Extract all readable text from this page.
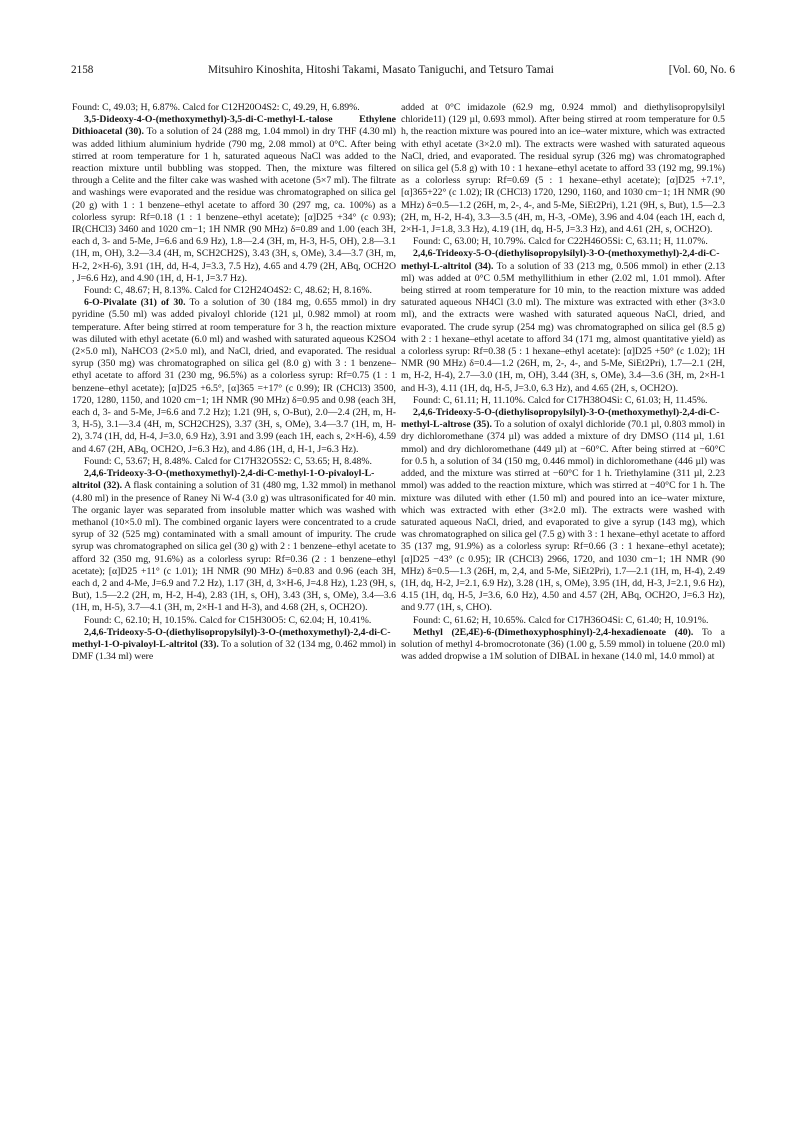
2158	Mitsuhiro Kinoshita, Hitoshi Takami, Masato Taniguchi, and Tetsuro Tamai	[Vol. 60, No. 6

Found: C, 49.03; H, 6.87%. Calcd for C12H20O4S2: C, 49.29, H, 6.89%.

3,5-Dideoxy-4-O-(methoxymethyl)-3,5-di-C-methyl-L-talose Ethylene Dithioacetal (30). To a solution of 24 (288 mg, 1.04 mmol) in dry THF (4.30 ml) was added lithium aluminium hydride (790 mg, 2.08 mmol) at 0°C. After being stirred at room temperature for 1 h, saturated aqueous NaCl was added to the reaction mixture until bubbling was stopped. Then, the mixture was filtered through a Celite and the filter cake was washed with acetone (5×7 ml). The filtrate and washings were evaporated and the residue was chromatographed on silica gel (20 g) with 1 : 1 benzene–ethyl acetate to afford 30 (297 mg, ca. 100%) as a colorless syrup: Rf=0.18 (1 : 1 benzene–ethyl acetate); [α]D25 +34° (c 0.93); IR(CHCl3) 3460 and 1020 cm−1; 1H NMR (90 MHz) δ=0.89 and 1.00 (each 3H, each d, 3- and 5-Me, J=6.6 and 6.9 Hz), 1.8—2.4 (3H, m, H-3, H-5, OH), 2.8—3.1 (1H, m, OH), 3.2—3.4 (4H, m, SCH2CH2S), 3.43 (3H, s, OMe), 3.4—3.7 (3H, m, H-2, 2×H-6), 3.91 (1H, dd, H-4, J=3.3, 7.5 Hz), 4.65 and 4.79 (2H, ABq, OCH2O , J=6.6 Hz), and 4.90 (1H, d, H-1, J=3.7 Hz).

Found: C, 48.67; H, 8.13%. Calcd for C12H24O4S2: C, 48.62; H, 8.16%.

6-O-Pivalate (31) of 30. To a solution of 30 (184 mg, 0.655 mmol) in dry pyridine (5.50 ml) was added pivaloyl chloride (121 µl, 0.982 mmol) at room temperature. After being stirred at room temperature for 3 h, the reaction mixture was diluted with ethyl acetate (6.0 ml) and washed with saturated aqueous K2SO4 (2×5.0 ml), NaHCO3 (2×5.0 ml), and NaCl, dried, and evaporated. The residual syrup (350 mg) was chromatographed on silica gel (8.0 g) with 3 : 1 benzene–ethyl acetate to afford 31 (230 mg, 96.5%) as a colorless syrup: Rf=0.75 (1 : 1 benzene–ethyl acetate); [α]D25 +6.5°, [α]365 =+17° (c 0.99); IR (CHCl3) 3500, 1720, 1280, 1150, and 1020 cm−1; 1H NMR (90 MHz) δ=0.95 and 0.98 (each 3H, each d, 3- and 5-Me, J=6.6 and 7.2 Hz); 1.21 (9H, s, O-But), 2.0—2.4 (2H, m, H-3, H-5), 3.1—3.4 (4H, m, SCH2CH2S), 3.37 (3H, s, OMe), 3.4—3.7 (1H, m, H-2), 3.74 (1H, dd, H-4, J=3.0, 6.9 Hz), 3.91 and 3.99 (each 1H, each s, 2×H-6), 4.59 and 4.67 (2H, ABq, OCH2O, J=6.3 Hz), and 4.86 (1H, d, H-1, J=6.3 Hz).

Found: C, 53.67; H, 8.48%. Calcd for C17H32O5S2: C, 53.65; H, 8.48%.

2,4,6-Trideoxy-3-O-(methoxymethyl)-2,4-di-C-methyl-1-O-pivaloyl-L-altritol (32). A flask containing a solution of 31 (480 mg, 1.32 mmol) in methanol (4.80 ml) in the presence of Raney Ni W-4 (3.0 g) was ultrasonificated for 40 min. The organic layer was separated from insoluble matter which was washed with methanol (10×5.0 ml). The combined organic layers were concentrated to a crude syrup of 32 (525 mg) contaminated with a small amount of impurity. The crude syrup was chromatographed on silica gel (30 g) with 2 : 1 benzene–ethyl acetate to afford 32 (350 mg, 91.6%) as a colorless syrup: Rf=0.36 (2 : 1 benzene–ethyl acetate); [α]D25 +11° (c 1.01); 1H NMR (90 MHz) δ=0.83 and 0.96 (each 3H, each d, 2 and 4-Me, J=6.9 and 7.2 Hz), 1.17 (3H, d, 3×H-6, J=4.8 Hz), 1.23 (9H, s, But), 1.5—2.2 (2H, m, H-2, H-4), 2.83 (1H, s, OH), 3.43 (3H, s, OMe), 3.4—3.6 (1H, m, H-5), 3.7—4.1 (3H, m, 2×H-1 and H-3), and 4.68 (2H, s, OCH2O).

Found: C, 62.10; H, 10.15%. Calcd for C15H30O5: C, 62.04; H, 10.41%.

2,4,6-Trideoxy-5-O-(diethylisopropylsilyl)-3-O-(methoxymethyl)-2,4-di-C-methyl-1-O-pivaloyl-L-altritol (33). To a solution of 32 (134 mg, 0.462 mmol) in DMF (1.34 ml) were

added at 0°C imidazole (62.9 mg, 0.924 mmol) and diethylisopropylsilyl chloride11) (129 µl, 0.693 mmol). After being stirred at room temperature for 0.5 h, the reaction mixture was poured into an ice–water mixture, which was extracted with ethyl acetate (3×2.0 ml). The extracts were washed with saturated aqueous NaCl, dried, and evaporated. The residual syrup (326 mg) was chromatographed on silica gel (5.8 g) with 10 : 1 hexane–ethyl acetate to afford 33 (192 mg, 99.1%) as a colorless syrup: Rf=0.69 (5 : 1 hexane–ethyl acetate); [α]D25 +7.1°, [α]365+22° (c 1.02); IR (CHCl3) 1720, 1290, 1160, and 1030 cm−1; 1H NMR (90 MHz) δ=0.5—1.2 (26H, m, 2-, 4-, and 5-Me, SiEt2Pri), 1.21 (9H, s, But), 1.5—2.3 (2H, m, H-2, H-4), 3.3—3.5 (4H, m, H-3, -OMe), 3.96 and 4.04 (each 1H, each d, 2×H-1, J=1.8, 3.3 Hz), 4.19 (1H, dq, H-5, J=3.3 Hz), and 4.61 (2H, s, OCH2O).

Found: C, 63.00; H, 10.79%. Calcd for C22H46O5Si: C, 63.11; H, 11.07%.

2,4,6-Trideoxy-5-O-(diethylisopropylsilyl)-3-O-(methoxymethyl)-2,4-di-C-methyl-L-altritol (34). To a solution of 33 (213 mg, 0.506 mmol) in ether (2.13 ml) was added at 0°C 0.5M methyllithium in ether (2.02 ml, 1.01 mmol). After being stirred at room temperature for 10 min, to the reaction mixture was added saturated aqueous NH4Cl (3.0 ml). The mixture was extracted with ether (3×3.0 ml), and the extracts were washed with saturated aqueous NaCl, dried, and evaporated. The crude syrup (254 mg) was chromatographed on silica gel (8.5 g) with 2 : 1 hexane–ethyl acetate to afford 34 (171 mg, almost quantitative yield) as a colorless syrup: Rf=0.38 (5 : 1 hexane–ethyl acetate): [α]D25 +50° (c 1.02); 1H NMR (90 MHz) δ=0.4—1.2 (26H, m, 2-, 4-, and 5-Me, SiEt2Pri), 1.7—2.1 (2H, m, H-2, H-4), 2.7—3.0 (1H, m, OH), 3.44 (3H, s, OMe), 3.4—3.6 (3H, m, 2×H-1 and H-3), 4.11 (1H, dq, H-5, J=3.0, 6.3 Hz), and 4.65 (2H, s, OCH2O).

Found: C, 61.11; H, 11.10%. Calcd for C17H38O4Si: C, 61.03; H, 11.45%.

2,4,6-Trideoxy-5-O-(diethylisopropylsilyl)-3-O-(methoxymethyl)-2,4-di-C-methyl-L-altrose (35). To a solution of oxalyl dichloride (70.1 µl, 0.803 mmol) in dry dichloromethane (374 µl) was added a mixture of dry DMSO (114 µl, 1.61 mmol) and dry dichloromethane (449 µl) at −60°C. After being stirred at −60°C for 0.5 h, a solution of 34 (150 mg, 0.446 mmol) in dichloromethane (446 µl) was added, and the mixture was stirred at −60°C for 1 h. Triethylamine (311 µl, 2.23 mmol) was added to the reaction mixture, which was stirred at −40°C for 1 h. The mixture was diluted with ether (1.50 ml) and poured into an ice–water mixture, which was extracted with ether (3×2.0 ml). The extracts were washed with saturated aqueous NaCl, dried, and evaporated to give a syrup (143 mg), which was chromatographed on silica gel (7.5 g) with 3 : 1 hexane–ethyl acetate to afford 35 (137 mg, 91.9%) as a colorless syrup: Rf=0.66 (3 : 1 hexane–ethyl acetate); [α]D25 −43° (c 0.95); IR (CHCl3) 2966, 1720, and 1030 cm−1; 1H NMR (90 MHz) δ=0.5—1.3 (26H, m, 2,4, and 5-Me, SiEt2Pri), 1.7—2.1 (1H, m, H-4), 2.49 (1H, dq, H-2, J=2.1, 6.9 Hz), 3.28 (1H, s, OMe), 3.95 (1H, dd, H-3, J=2.1, 9.6 Hz), 4.15 (1H, dq, H-5, J=3.6, 6.0 Hz), 4.50 and 4.57 (2H, ABq, OCH2O, J=6.3 Hz), and 9.77 (1H, s, CHO).

Found: C, 61.62; H, 10.65%. Calcd for C17H36O4Si: C, 61.40; H, 10.91%.

Methyl (2E,4E)-6-(Dimethoxyphosphinyl)-2,4-hexadienoate (40). To a solution of methyl 4-bromocrotonate (36) (1.00 g, 5.59 mmol) in toluene (20.0 ml) was added dropwise a 1M solution of DIBAL in hexane (14.0 ml, 14.0 mmol) at
